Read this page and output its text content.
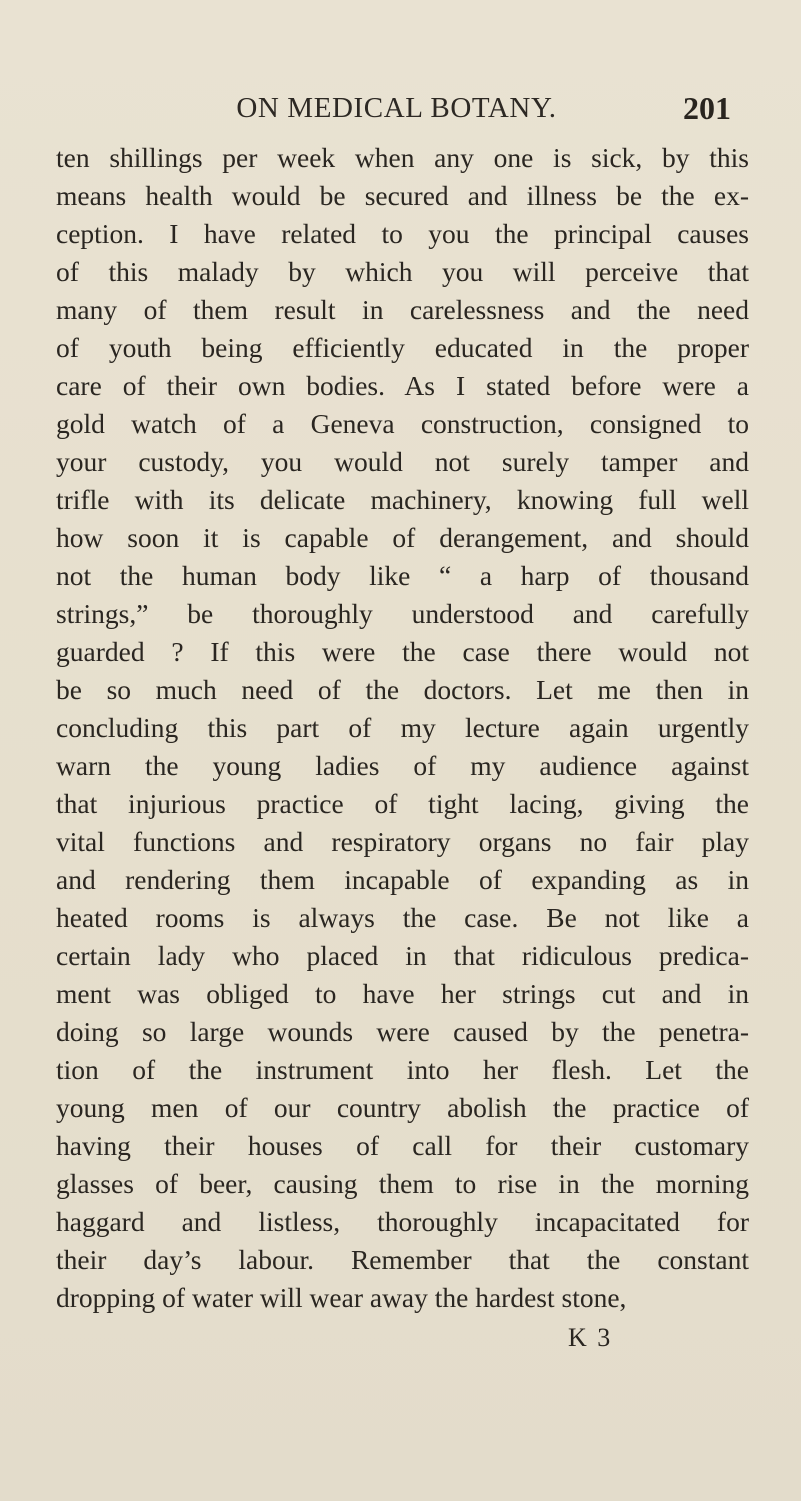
ON MEDICAL BOTANY.	201
ten shillings per week when any one is sick, by this
means health would be secured and illness be the ex-
ception. I have related to you the principal causes
of this malady by which you will perceive that
many of them result in carelessness and the need
of youth being efficiently educated in the proper
care of their own bodies. As I stated before were a
gold watch of a Geneva construction, consigned to
your custody, you would not surely tamper and
trifle with its delicate machinery, knowing full well
how soon it is capable of derangement, and should
not the human body like “ a harp of thousand
strings,” be thoroughly understood and carefully
guarded ? If this were the case there would not
be so much need of the doctors. Let me then in
concluding this part of my lecture again urgently
warn the young ladies of my audience against
that injurious practice of tight lacing, giving the
vital functions and respiratory organs no fair play
and rendering them incapable of expanding as in
heated rooms is always the case. Be not like a
certain lady who placed in that ridiculous predica-
ment was obliged to have her strings cut and in
doing so large wounds were caused by the penetra-
tion of the instrument into her flesh. Let the
young men of our country abolish the practice of
having their houses of call for their customary
glasses of beer, causing them to rise in the morning
haggard and listless, thoroughly incapacitated for
their day’s labour. Remember that the constant
dropping of water will wear away the hardest stone,
K 3
